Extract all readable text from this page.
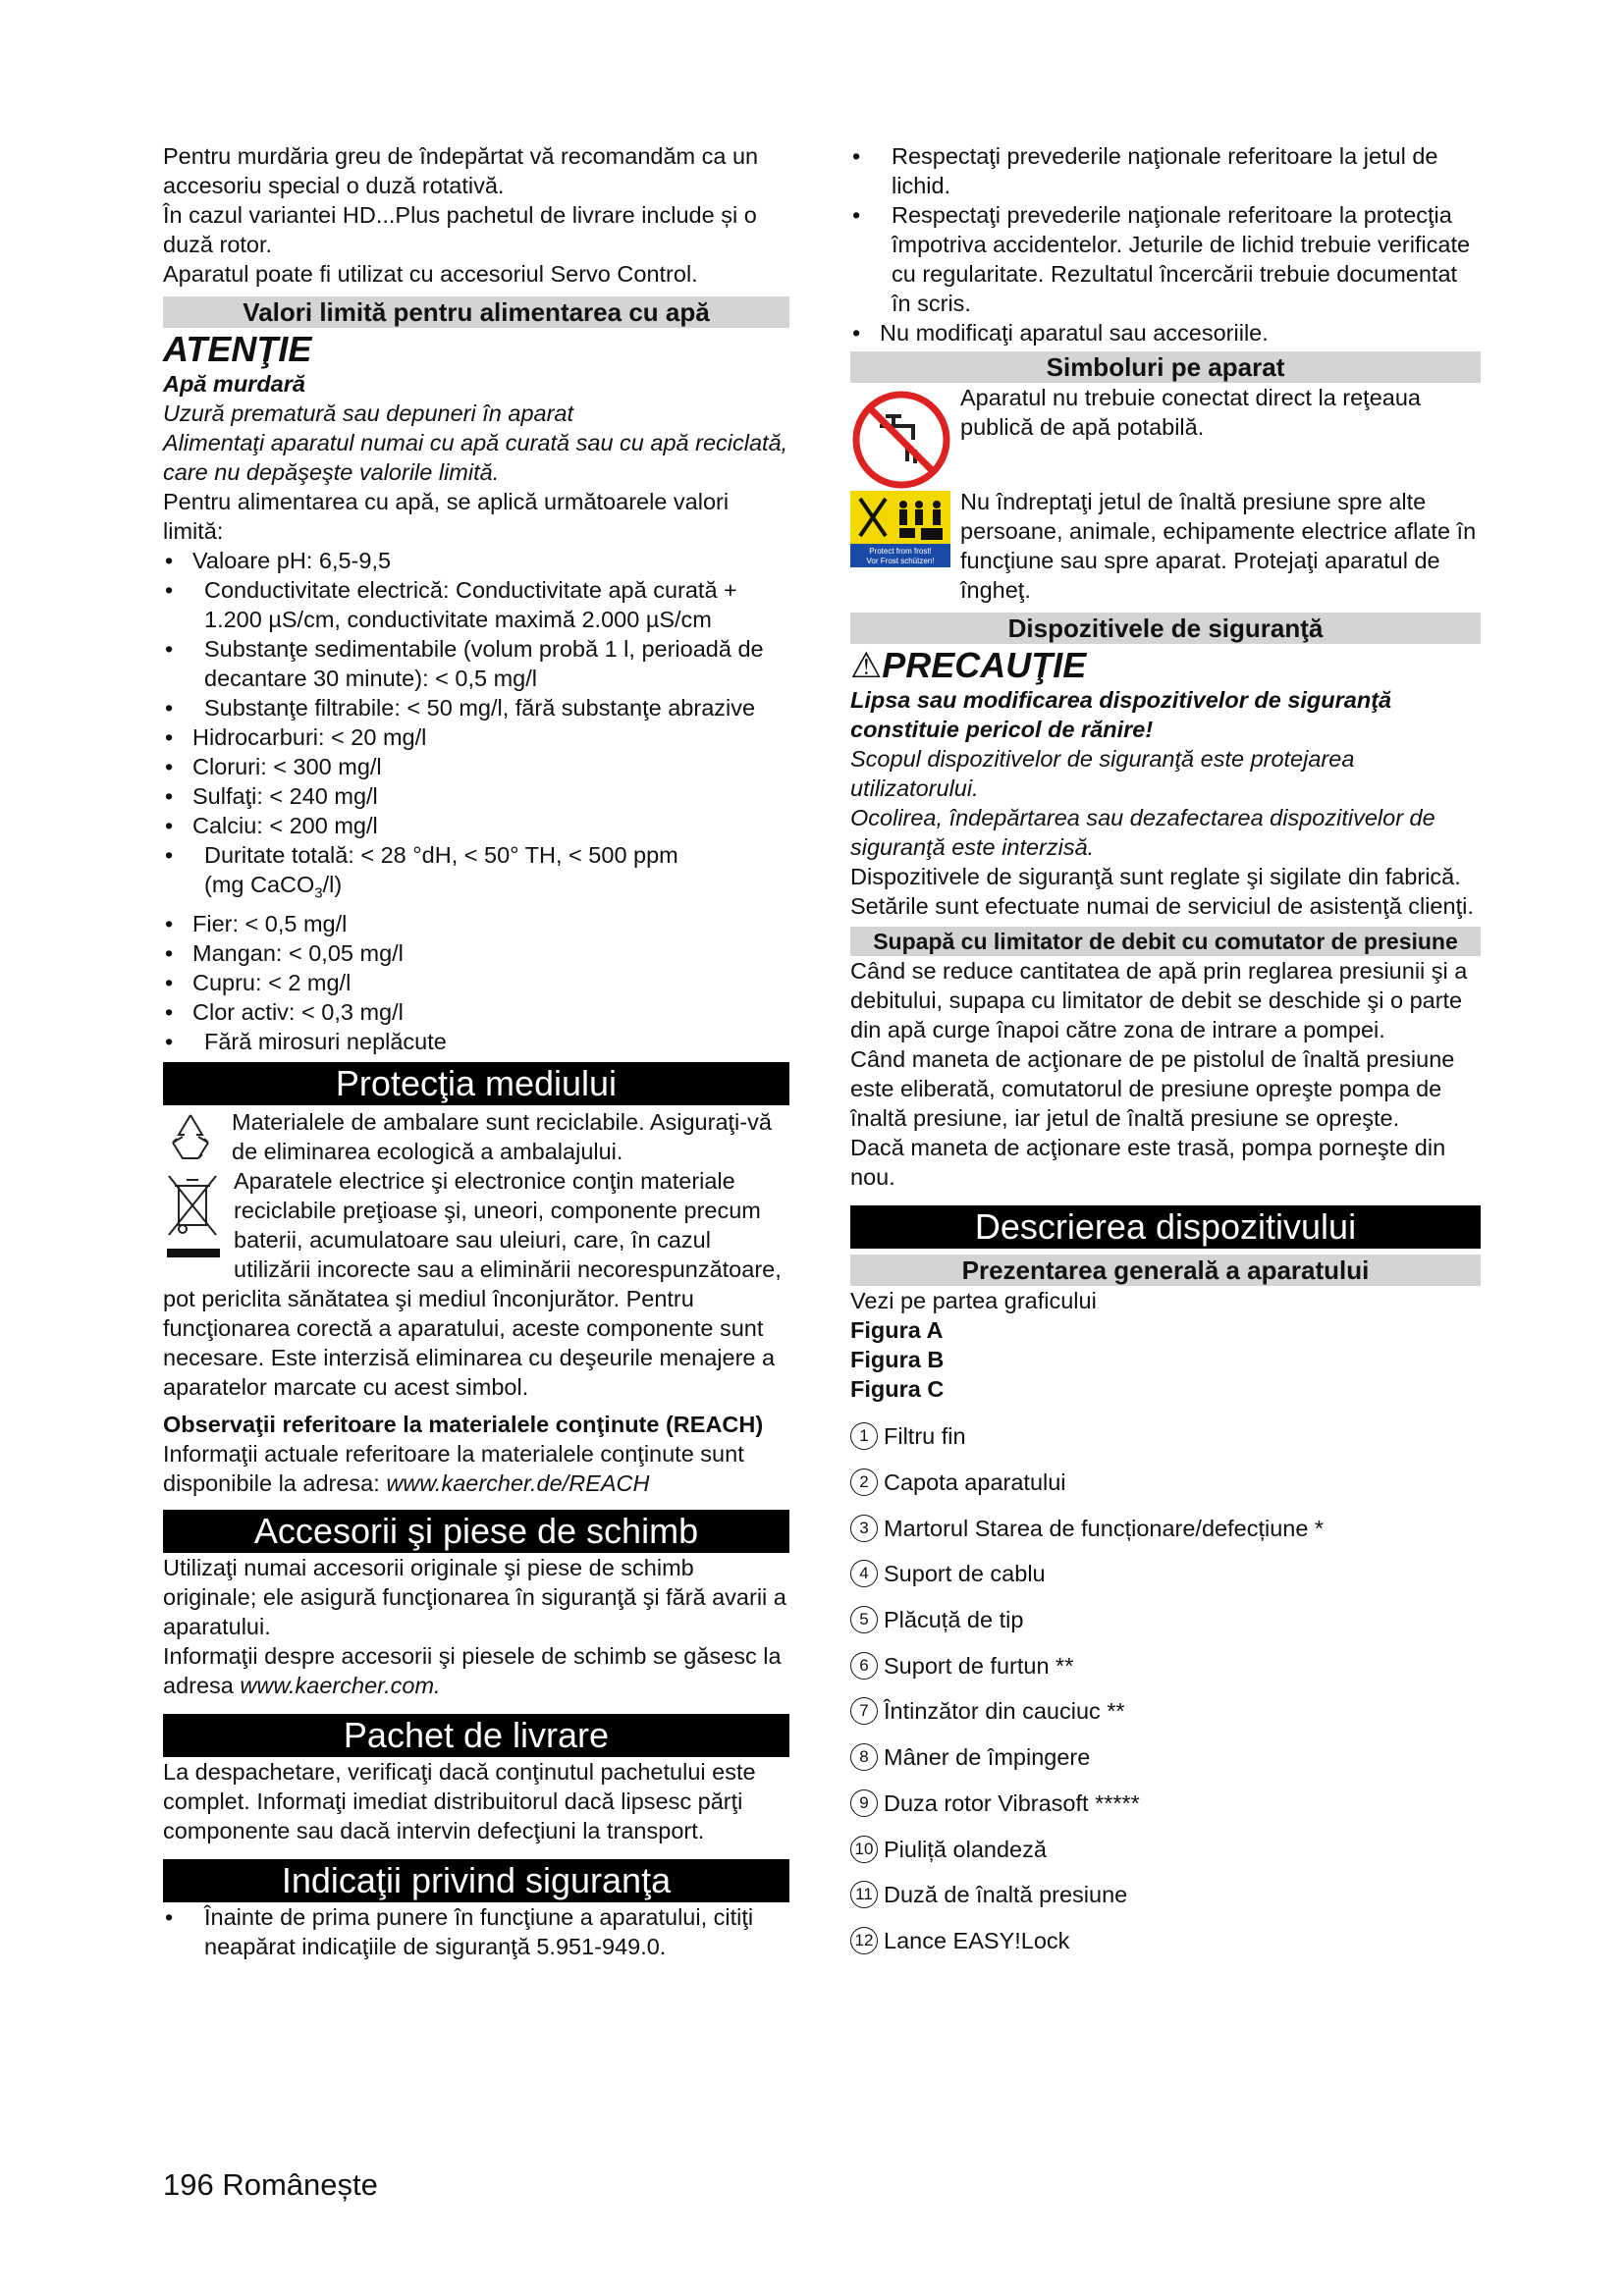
Pentru murdăria greu de îndepărtat vă recomandăm ca un accesoriu special o duză rotativă.

În cazul variantei HD...Plus pachetul de livrare include și o duză rotor.

Aparatul poate fi utilizat cu accesoriul Servo Control.

Valori limită pentru alimentarea cu apă

ATENŢIE

Apă murdară

Uzură prematură sau depuneri în aparat

Alimentaţi aparatul numai cu apă curată sau cu apă reciclată, care nu depăşeşte valorile limită.

Pentru alimentarea cu apă, se aplică următoarele valori limită:

• Valoare pH: 6,5-9,5
• Conductivitate electrică: Conductivitate apă curată + 1.200 µS/cm, conductivitate maximă 2.000 µS/cm
• Substanţe sedimentabile (volum probă 1 l, perioadă de decantare 30 minute): < 0,5 mg/l
• Substanţe filtrabile: < 50 mg/l, fără substanţe abrazive
• Hidrocarburi: < 20 mg/l
• Cloruri: < 300 mg/l
• Sulfaţi: < 240 mg/l
• Calciu: < 200 mg/l
• Duritate totală: < 28 °dH, < 50° TH, < 500 ppm
(mg CaCO$_3$/l)
• Fier: < 0,5 mg/l
• Mangan: < 0,05 mg/l
• Cupru: < 2 mg/l
• Clor activ: < 0,3 mg/l
• Fără mirosuri neplăcute
Protecţia mediului
Materialele de ambalare sunt reciclabile. Asiguraţi-vă de eliminarea ecologică a ambalajului.
Aparatele electrice şi electronice conţin materiale reciclabile preţioase şi, uneori, componente precum baterii, acumulatoare sau uleiuri, care, în cazul utilizării incorecte sau a eliminării necorespunzătoare, pot periclita sănătatea şi mediul înconjurător. Pentru funcţionarea corectă a aparatului, aceste componente sunt necesare. Este interzisă eliminarea cu deşeurile menajere a aparatelor marcate cu acest simbol.

Observaţii referitoare la materialele conţinute (REACH)

Informaţii actuale referitoare la materialele conţinute sunt disponibile la adresa: www.kaercher.de/REACH

Accesorii şi piese de schimb

Utilizaţi numai accesorii originale şi piese de schimb originale; ele asigură funcţionarea în siguranţă şi fără avarii a aparatului.

Informaţii despre accesorii şi piesele de schimb se găsesc la adresa www.kaercher.com.

Pachet de livrare

La despachetare, verificaţi dacă conţinutul pachetului este complet. Informaţi imediat distribuitorul dacă lipsesc părţi componente sau dacă intervin defecţiuni la transport.

Indicaţii privind siguranţa
• Înainte de prima punere în funcţiune a aparatului, citiţi neapărat indicaţiile de siguranţă 5.951-949.0.
• Respectaţi prevederile naţionale referitoare la jetul de lichid.
• Respectaţi prevederile naţionale referitoare la protecţia împotriva accidentelor. Jeturile de lichid trebuie verificate cu regularitate. Rezultatul încercării trebuie documentat în scris.
• Nu modificaţi aparatul sau accesoriile.
Simboluri pe aparat
Aparatul nu trebuie conectat direct la reţeaua publică de apă potabilă.
Protect from frost!
Vor Frost schützen!
Nu îndreptaţi jetul de înaltă presiune spre alte persoane, animale, echipamente electrice aflate în funcţiune sau spre aparat. Protejaţi aparatul de îngheţ.
Dispozitivele de siguranţă

⚠PRECAUŢIE

Lipsa sau modificarea dispozitivelor de siguranţă constituie pericol de rănire!

Scopul dispozitivelor de siguranţă este protejarea utilizatorului.

Ocolirea, îndepărtarea sau dezafectarea dispozitivelor de siguranţă este interzisă.

Dispozitivele de siguranţă sunt reglate şi sigilate din fabrică. Setările sunt efectuate numai de serviciul de asistenţă clienţi.

Supapă cu limitator de debit cu comutator de presiune

Când se reduce cantitatea de apă prin reglarea presiunii şi a debitului, supapa cu limitator de debit se deschide şi o parte din apă curge înapoi către zona de intrare a pompei.

Când maneta de acţionare de pe pistolul de înaltă presiune este eliberată, comutatorul de presiune opreşte pompa de înaltă presiune, iar jetul de înaltă presiune se opreşte.

Dacă maneta de acţionare este trasă, pompa porneşte din nou.

Descrierea dispozitivului
Prezentarea generală a aparatului

Vezi pe partea graficului

Figura A

Figura B

Figura C

1 Filtru fin
2 Capota aparatului
3 Martorul Starea de funcționare/defecțiune *
4 Suport de cablu
5 Plăcuță de tip
6 Suport de furtun **
7 Întinzător din cauciuc **
8 Mâner de împingere
9 Duza rotor Vibrasoft *****
10 Piuliță olandeză
11 Duză de înaltă presiune
12 Lance EASY!Lock
196 Românește
